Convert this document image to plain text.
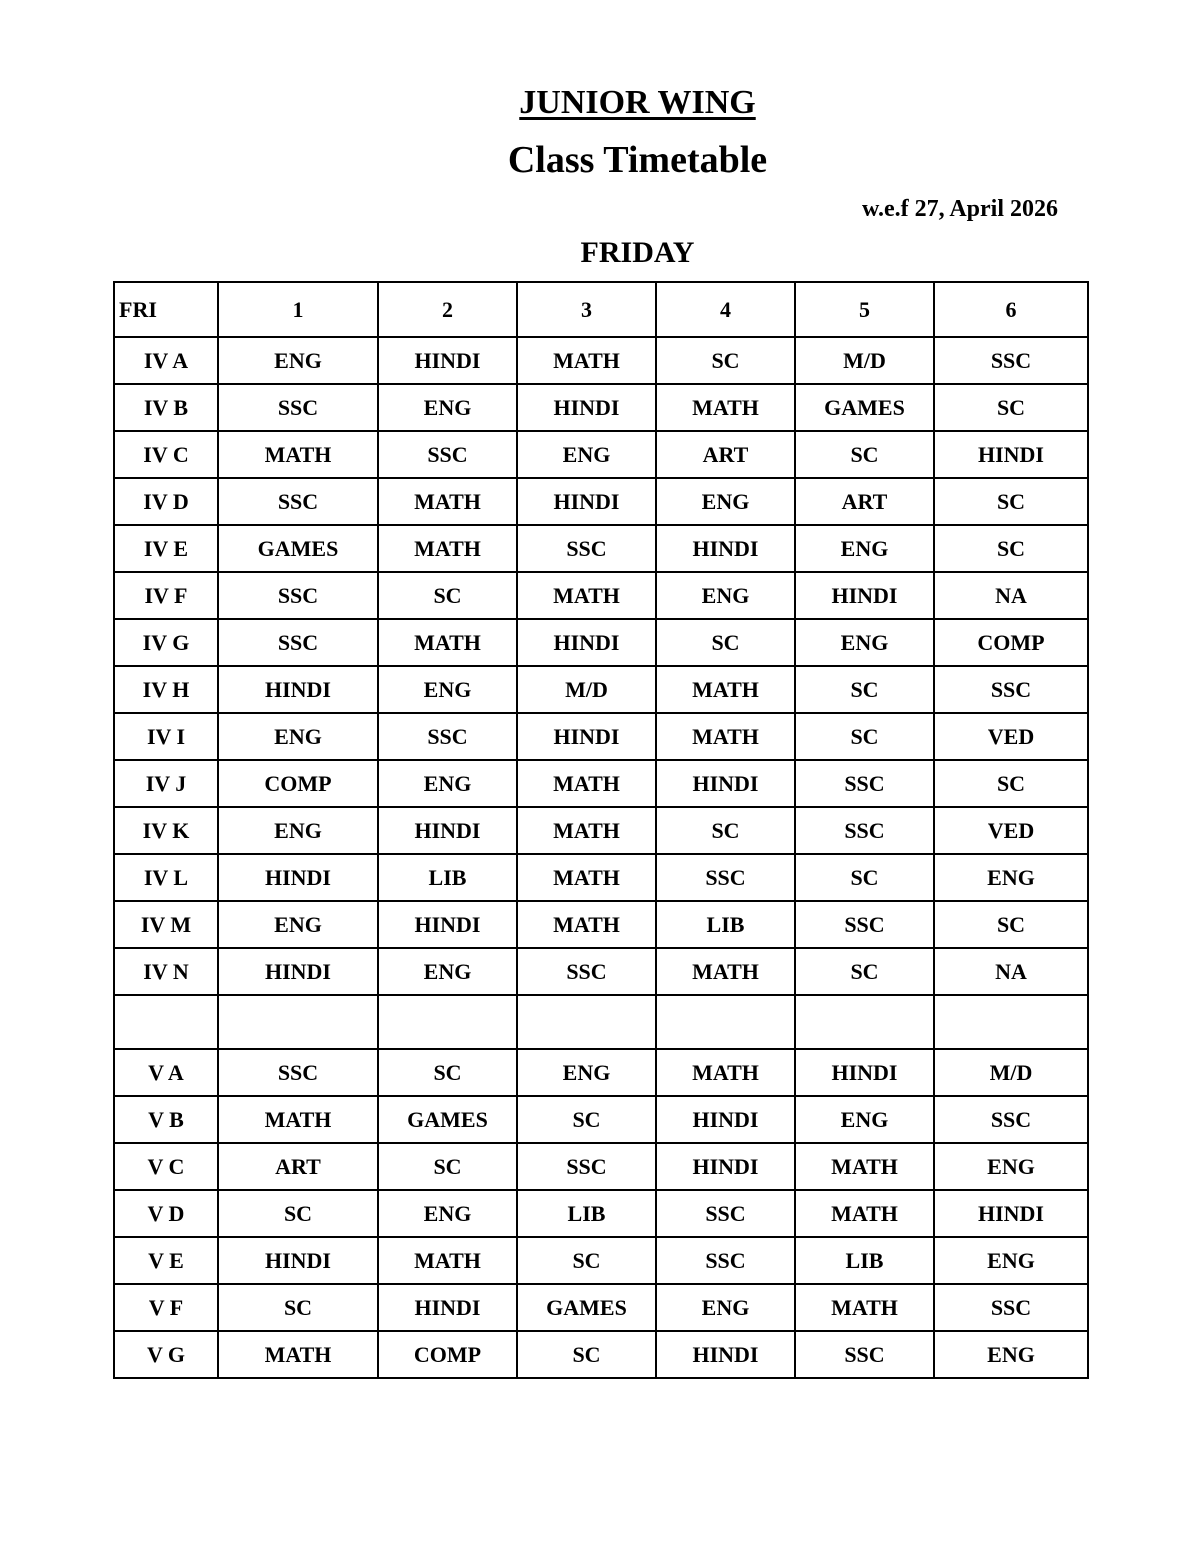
JUNIOR WING
Class Timetable
w.e.f 27, April 2026
FRIDAY
FRI	1	2	3	4	5	6
IV A	ENG	HINDI	MATH	SC	M/D	SSC
IV B	SSC	ENG	HINDI	MATH	GAMES	SC
IV C	MATH	SSC	ENG	ART	SC	HINDI
IV D	SSC	MATH	HINDI	ENG	ART	SC
IV E	GAMES	MATH	SSC	HINDI	ENG	SC
IV F	SSC	SC	MATH	ENG	HINDI	NA
IV G	SSC	MATH	HINDI	SC	ENG	COMP
IV H	HINDI	ENG	M/D	MATH	SC	SSC
IV I	ENG	SSC	HINDI	MATH	SC	VED
IV J	COMP	ENG	MATH	HINDI	SSC	SC
IV K	ENG	HINDI	MATH	SC	SSC	VED
IV L	HINDI	LIB	MATH	SSC	SC	ENG
IV M	ENG	HINDI	MATH	LIB	SSC	SC
IV N	HINDI	ENG	SSC	MATH	SC	NA

V A	SSC	SC	ENG	MATH	HINDI	M/D
V B	MATH	GAMES	SC	HINDI	ENG	SSC
V C	ART	SC	SSC	HINDI	MATH	ENG
V D	SC	ENG	LIB	SSC	MATH	HINDI
V E	HINDI	MATH	SC	SSC	LIB	ENG
V F	SC	HINDI	GAMES	ENG	MATH	SSC
V G	MATH	COMP	SC	HINDI	SSC	ENG
